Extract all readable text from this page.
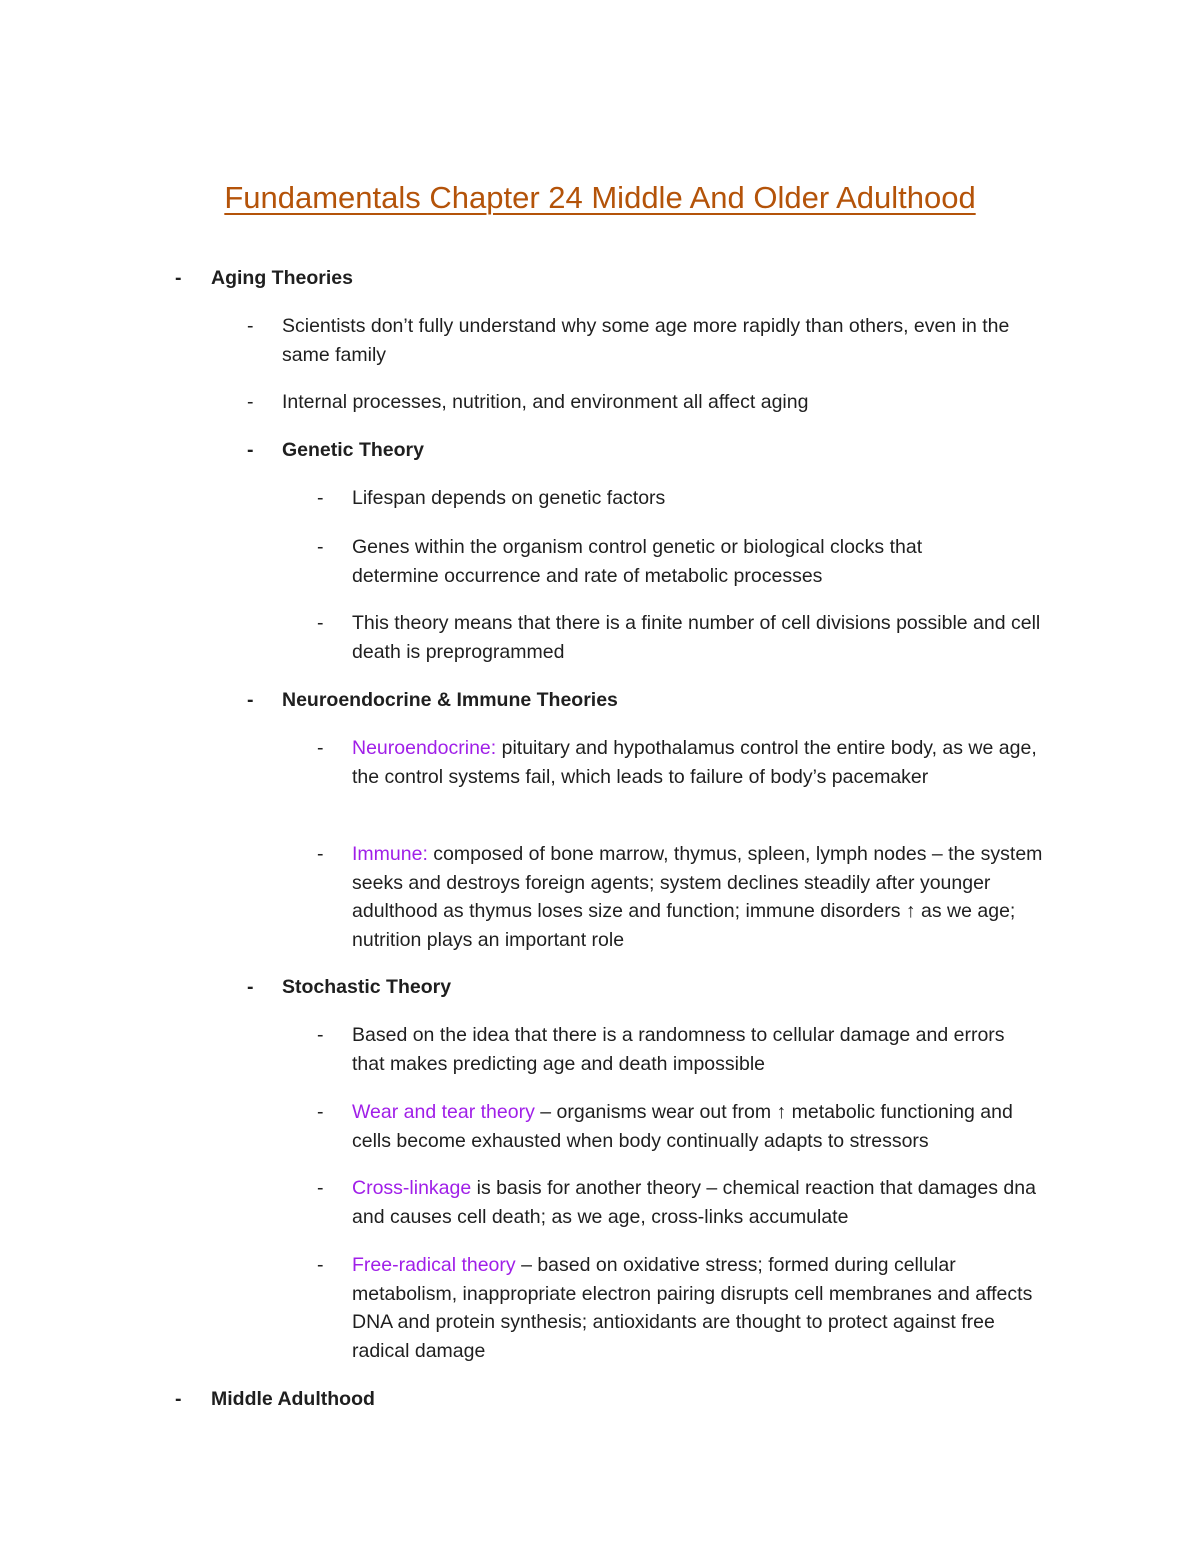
Fundamentals Chapter 24 Middle And Older Adulthood
- Aging Theories
- Scientists don’t fully understand why some age more rapidly than others, even in the same family
- Internal processes, nutrition, and environment all affect aging
- Genetic Theory
- Lifespan depends on genetic factors
- Genes within the organism control genetic or biological clocks that determine occurrence and rate of metabolic processes
- This theory means that there is a finite number of cell divisions possible and cell death is preprogrammed
- Neuroendocrine & Immune Theories
- Neuroendocrine: pituitary and hypothalamus control the entire body, as we age, the control systems fail, which leads to failure of body’s pacemaker
- Immune: composed of bone marrow, thymus, spleen, lymph nodes – the system seeks and destroys foreign agents; system declines steadily after younger adulthood as thymus loses size and function; immune disorders ↑ as we age; nutrition plays an important role
- Stochastic Theory
- Based on the idea that there is a randomness to cellular damage and errors that makes predicting age and death impossible
- Wear and tear theory – organisms wear out from ↑ metabolic functioning and cells become exhausted when body continually adapts to stressors
- Cross-linkage is basis for another theory – chemical reaction that damages dna and causes cell death; as we age, cross-links accumulate
- Free-radical theory – based on oxidative stress; formed during cellular metabolism, inappropriate electron pairing disrupts cell membranes and affects DNA and protein synthesis; antioxidants are thought to protect against free radical damage
- Middle Adulthood
